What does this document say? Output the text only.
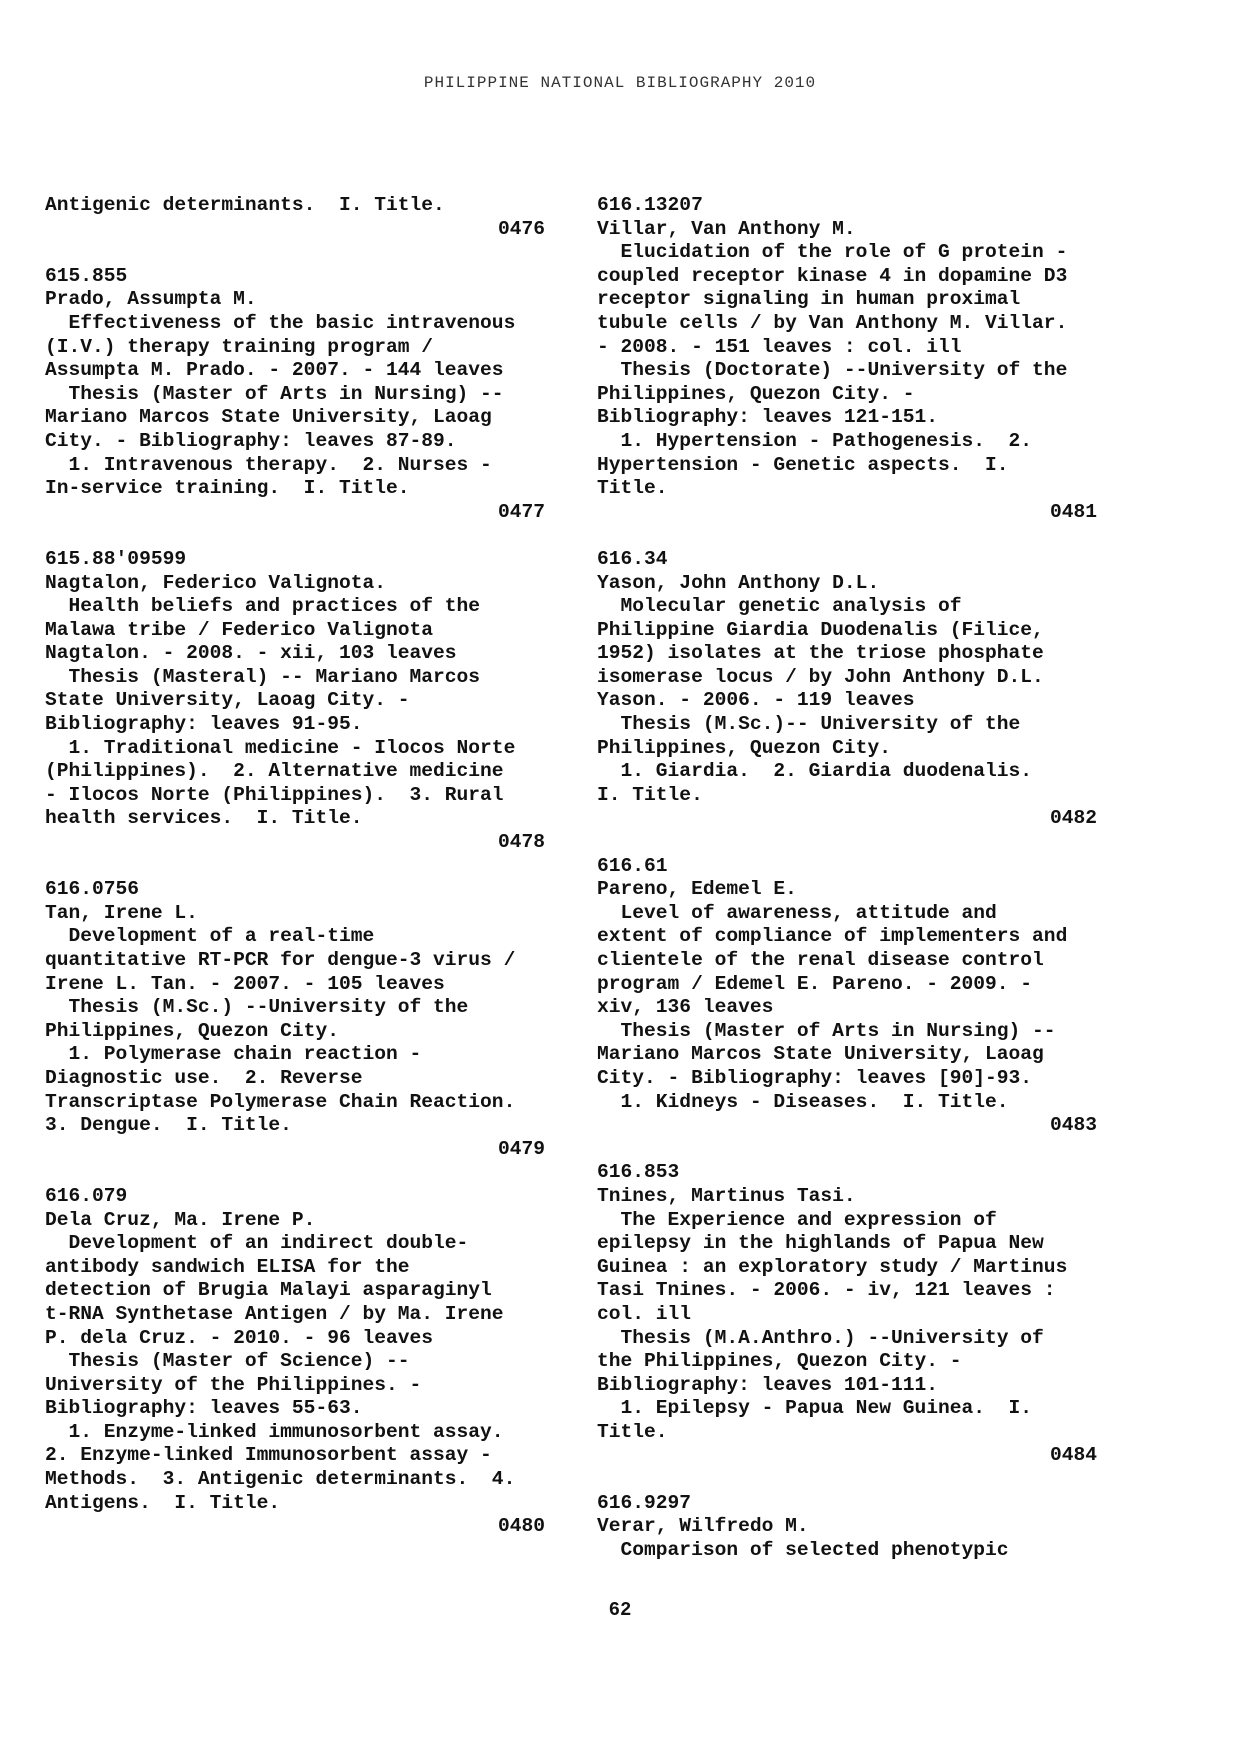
PHILIPPINE NATIONAL BIBLIOGRAPHY 2010
Antigenic determinants.  I. Title.
0476
615.855
Prado, Assumpta M.
Effectiveness of the basic intravenous
(I.V.) therapy training program /
Assumpta M. Prado. - 2007. - 144 leaves
Thesis (Master of Arts in Nursing) --
Mariano Marcos State University, Laoag
City. - Bibliography: leaves 87-89.
1. Intravenous therapy.  2. Nurses -
In-service training.  I. Title.
0477
615.88'09599
Nagtalon, Federico Valignota.
Health beliefs and practices of the
Malawa tribe / Federico Valignota
Nagtalon. - 2008. - xii, 103 leaves
Thesis (Masteral) -- Mariano Marcos
State University, Laoag City. -
Bibliography: leaves 91-95.
1. Traditional medicine - Ilocos Norte
(Philippines).  2. Alternative medicine
- Ilocos Norte (Philippines).  3. Rural
health services.  I. Title.
0478
616.0756
Tan, Irene L.
Development of a real-time
quantitative RT-PCR for dengue-3 virus /
Irene L. Tan. - 2007. - 105 leaves
Thesis (M.Sc.) --University of the
Philippines, Quezon City.
1. Polymerase chain reaction -
Diagnostic use.  2. Reverse
Transcriptase Polymerase Chain Reaction.
3. Dengue.  I. Title.
0479
616.079
Dela Cruz, Ma. Irene P.
Development of an indirect double-
antibody sandwich ELISA for the
detection of Brugia Malayi asparaginyl
t-RNA Synthetase Antigen / by Ma. Irene
P. dela Cruz. - 2010. - 96 leaves
Thesis (Master of Science) --
University of the Philippines. -
Bibliography: leaves 55-63.
1. Enzyme-linked immunosorbent assay.
2. Enzyme-linked Immunosorbent assay -
Methods.  3. Antigenic determinants.  4.
Antigens.  I. Title.
0480
616.13207
Villar, Van Anthony M.
Elucidation of the role of G protein -
coupled receptor kinase 4 in dopamine D3
receptor signaling in human proximal
tubule cells / by Van Anthony M. Villar.
- 2008. - 151 leaves : col. ill
Thesis (Doctorate) --University of the
Philippines, Quezon City. -
Bibliography: leaves 121-151.
1. Hypertension - Pathogenesis.  2.
Hypertension - Genetic aspects.  I.
Title.
0481
616.34
Yason, John Anthony D.L.
Molecular genetic analysis of
Philippine Giardia Duodenalis (Filice,
1952) isolates at the triose phosphate
isomerase locus / by John Anthony D.L.
Yason. - 2006. - 119 leaves
Thesis (M.Sc.)-- University of the
Philippines, Quezon City.
1. Giardia.  2. Giardia duodenalis.
I. Title.
0482
616.61
Pareno, Edemel E.
Level of awareness, attitude and
extent of compliance of implementers and
clientele of the renal disease control
program / Edemel E. Pareno. - 2009. -
xiv, 136 leaves
Thesis (Master of Arts in Nursing) --
Mariano Marcos State University, Laoag
City. - Bibliography: leaves [90]-93.
1. Kidneys - Diseases.  I. Title.
0483
616.853
Tnines, Martinus Tasi.
The Experience and expression of
epilepsy in the highlands of Papua New
Guinea : an exploratory study / Martinus
Tasi Tnines. - 2006. - iv, 121 leaves :
col. ill
Thesis (M.A.Anthro.) --University of
the Philippines, Quezon City. -
Bibliography: leaves 101-111.
1. Epilepsy - Papua New Guinea.  I.
Title.
0484
616.9297
Verar, Wilfredo M.
Comparison of selected phenotypic
62
